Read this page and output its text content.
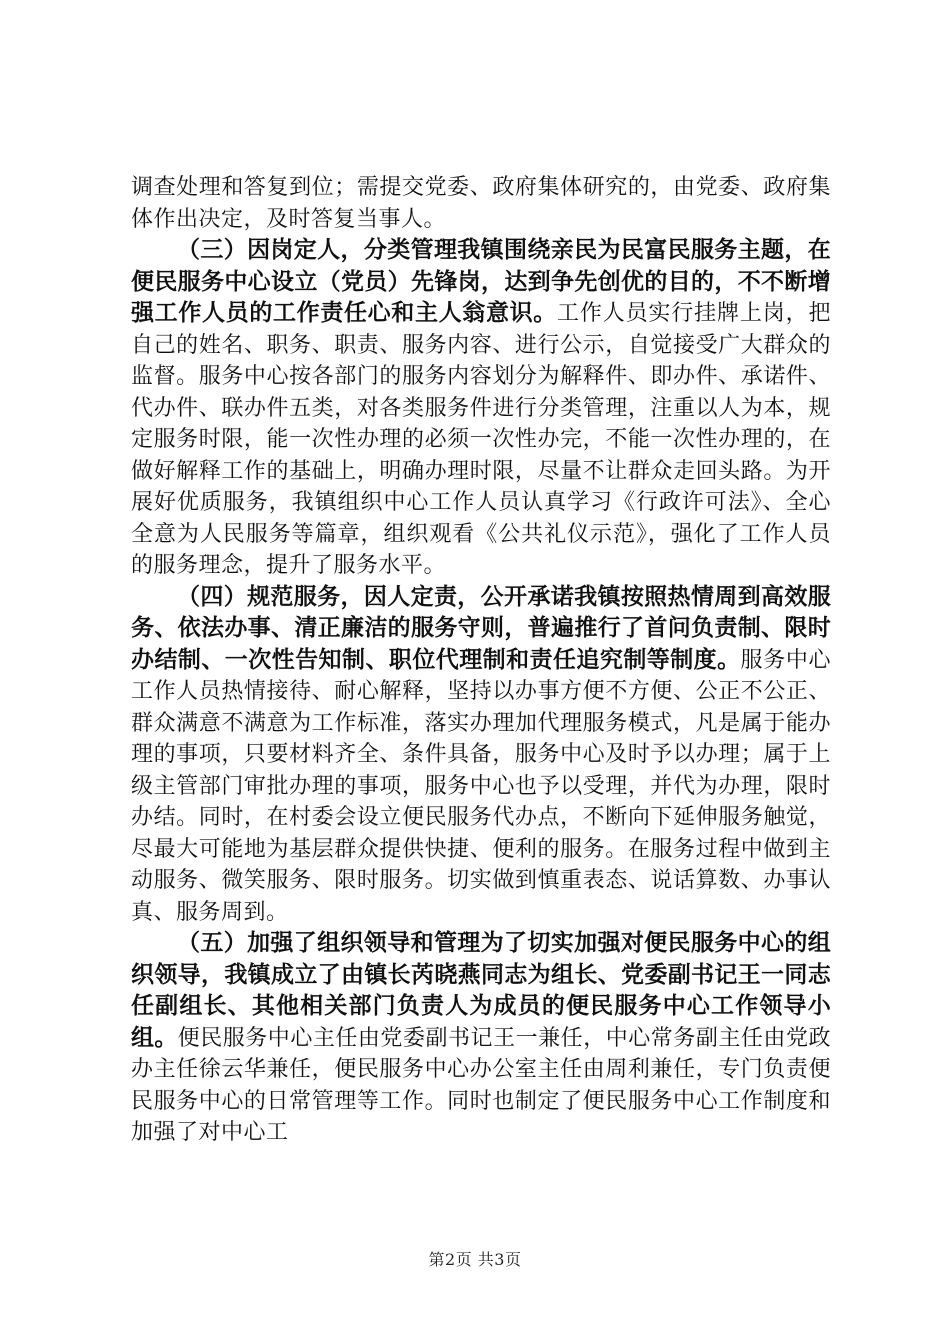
调查处理和答复到位；需提交党委、政府集体研究的，由党委、政府集体作出决定，及时答复当事人。

（三）因岗定人，分类管理我镇围绕亲民为民富民服务主题，在便民服务中心设立（党员）先锋岗，达到争先创优的目的，不不断增强工作人员的工作责任心和主人翁意识。工作人员实行挂牌上岗，把自己的姓名、职务、职责、服务内容、进行公示，自觉接受广大群众的监督。服务中心按各部门的服务内容划分为解释件、即办件、承诺件、代办件、联办件五类，对各类服务件进行分类管理，注重以人为本，规定服务时限，能一次性办理的必须一次性办完，不能一次性办理的，在做好解释工作的基础上，明确办理时限，尽量不让群众走回头路。为开展好优质服务，我镇组织中心工作人员认真学习《行政许可法》、全心全意为人民服务等篇章，组织观看《公共礼仪示范》，强化了工作人员的服务理念，提升了服务水平。

（四）规范服务，因人定责，公开承诺我镇按照热情周到高效服务、依法办事、清正廉洁的服务守则，普遍推行了首问负责制、限时办结制、一次性告知制、职位代理制和责任追究制等制度。服务中心工作人员热情接待、耐心解释，坚持以办事方便不方便、公正不公正、群众满意不满意为工作标准，落实办理加代理服务模式，凡是属于能办理的事项，只要材料齐全、条件具备，服务中心及时予以办理；属于上级主管部门审批办理的事项，服务中心也予以受理，并代为办理，限时办结。同时，在村委会设立便民服务代办点，不断向下延伸服务触觉，尽最大可能地为基层群众提供快捷、便利的服务。在服务过程中做到主动服务、微笑服务、限时服务。切实做到慎重表态、说话算数、办事认真、服务周到。

（五）加强了组织领导和管理为了切实加强对便民服务中心的组织领导，我镇成立了由镇长芮晓燕同志为组长、党委副书记王一同志任副组长、其他相关部门负责人为成员的便民服务中心工作领导小组。便民服务中心主任由党委副书记王一兼任，中心常务副主任由党政办主任徐云华兼任，便民服务中心办公室主任由周利兼任，专门负责便民服务中心的日常管理等工作。同时也制定了便民服务中心工作制度和加强了对中心工

第2页 共3页
